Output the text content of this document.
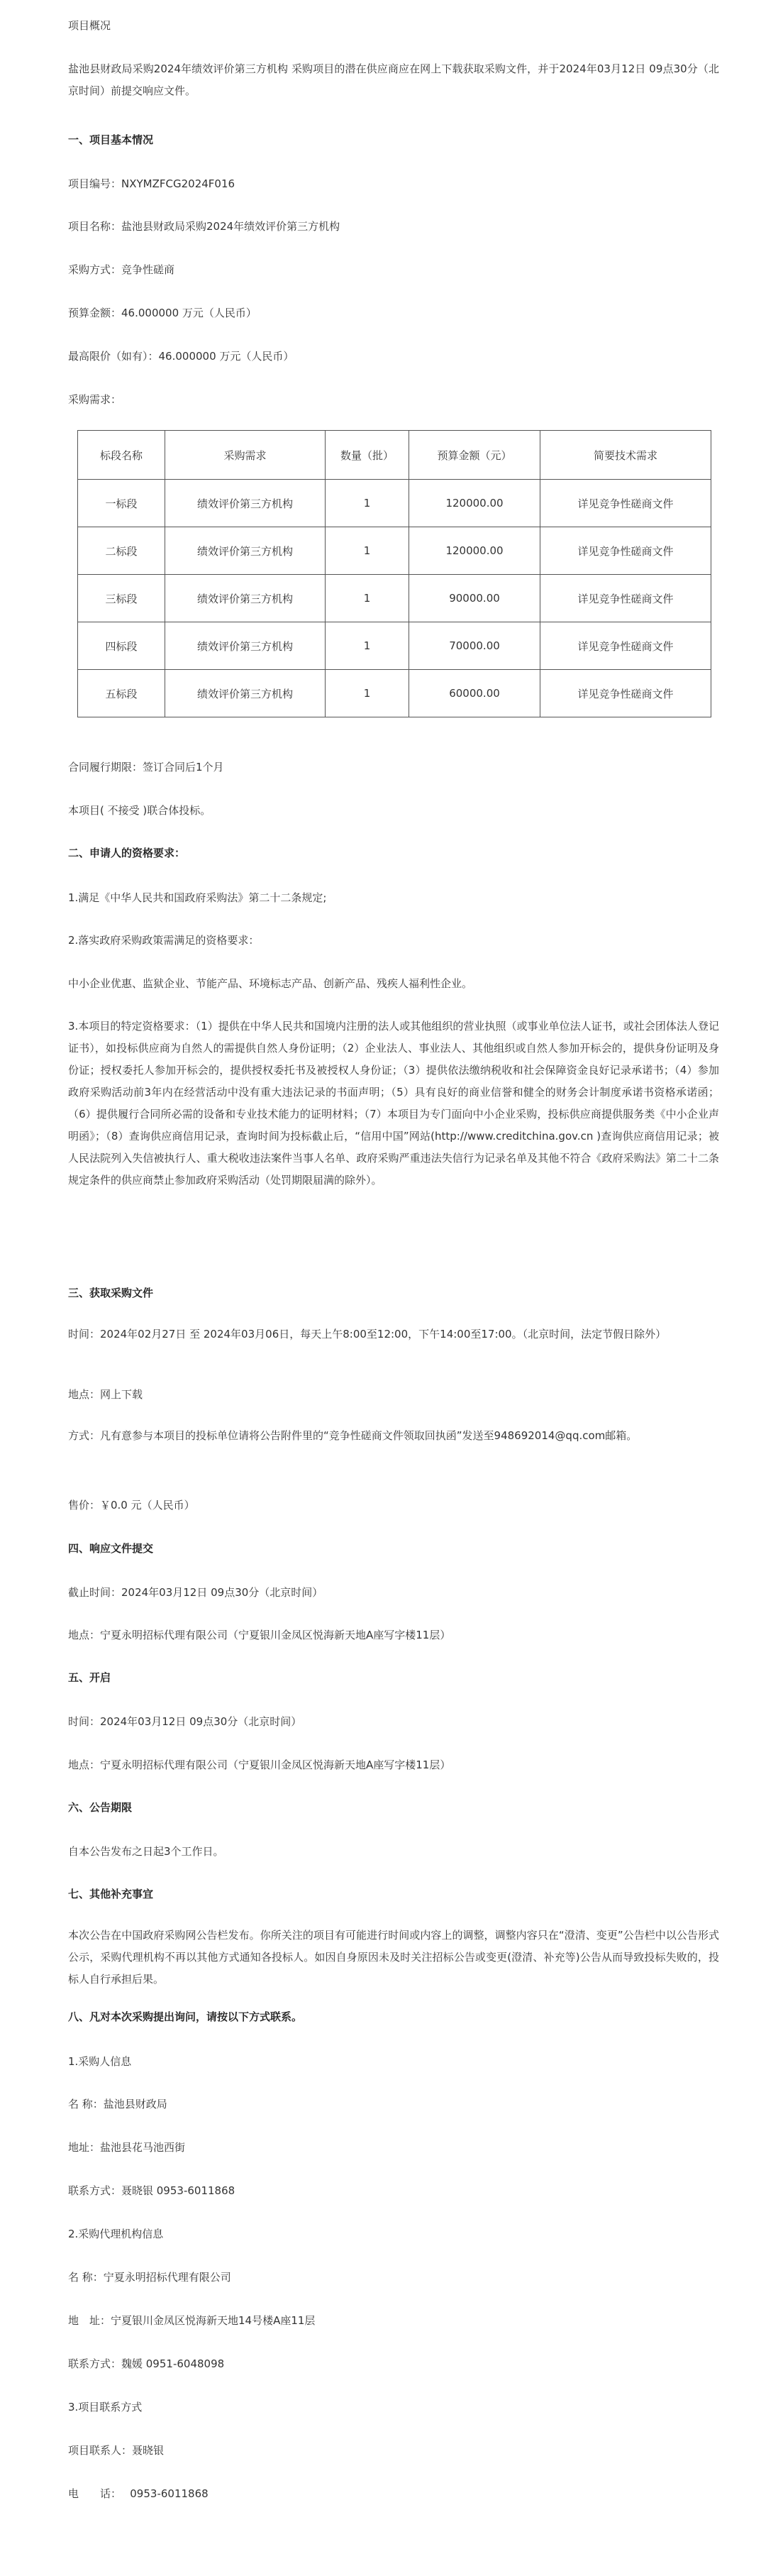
项目概况

盐池县财政局采购2024年绩效评价第三方机构 采购项目的潜在供应商应在网上下载获取采购文件，并于2024年03月12日 09点30分（北京时间）前提交响应文件。

一、项目基本情况

项目编号：NXYMZFCG2024F016

项目名称：盐池县财政局采购2024年绩效评价第三方机构

采购方式：竞争性磋商

预算金额：46.000000 万元（人民币）

最高限价（如有）：46.000000 万元（人民币）

采购需求：

标段名称	采购需求	数量（批）	预算金额（元）	简要技术需求
一标段	绩效评价第三方机构	1	120000.00	详见竞争性磋商文件
二标段	绩效评价第三方机构	1	120000.00	详见竞争性磋商文件
三标段	绩效评价第三方机构	1	90000.00	详见竞争性磋商文件
四标段	绩效评价第三方机构	1	70000.00	详见竞争性磋商文件
五标段	绩效评价第三方机构	1	60000.00	详见竞争性磋商文件

合同履行期限：签订合同后1个月

本项目( 不接受 )联合体投标。

二、申请人的资格要求：

1.满足《中华人民共和国政府采购法》第二十二条规定;

2.落实政府采购政策需满足的资格要求：

中小企业优惠、监狱企业、节能产品、环境标志产品、创新产品、残疾人福利性企业。

3.本项目的特定资格要求：（1）提供在中华人民共和国境内注册的法人或其他组织的营业执照（或事业单位法人证书，或社会团体法人登记证书），如投标供应商为自然人的需提供自然人身份证明；（2）企业法人、事业法人、其他组织或自然人参加开标会的，提供身份证明及身份证；授权委托人参加开标会的，提供授权委托书及被授权人身份证；（3）提供依法缴纳税收和社会保障资金良好记录承诺书；（4）参加政府采购活动前3年内在经营活动中没有重大违法记录的书面声明；（5）具有良好的商业信誉和健全的财务会计制度承诺书资格承诺函；（6）提供履行合同所必需的设备和专业技术能力的证明材料；（7）本项目为专门面向中小企业采购，投标供应商提供服务类《中小企业声明函》；（8）查询供应商信用记录，查询时间为投标截止后，“信用中国”网站(http://www.creditchina.gov.cn )查询供应商信用记录；被人民法院列入失信被执行人、重大税收违法案件当事人名单、政府采购严重违法失信行为记录名单及其他不符合《政府采购法》第二十二条规定条件的供应商禁止参加政府采购活动（处罚期限届满的除外）。

三、获取采购文件

时间：2024年02月27日 至 2024年03月06日，每天上午8:00至12:00，下午14:00至17:00。（北京时间，法定节假日除外）

地点：网上下载

方式：凡有意参与本项目的投标单位请将公告附件里的“竞争性磋商文件领取回执函”发送至948692014@qq.com邮箱。

售价：￥0.0 元（人民币）

四、响应文件提交

截止时间：2024年03月12日 09点30分（北京时间）

地点：宁夏永明招标代理有限公司（宁夏银川金凤区悦海新天地A座写字楼11层）

五、开启

时间：2024年03月12日 09点30分（北京时间）

地点：宁夏永明招标代理有限公司（宁夏银川金凤区悦海新天地A座写字楼11层）

六、公告期限

自本公告发布之日起3个工作日。

七、其他补充事宜

本次公告在中国政府采购网公告栏发布。你所关注的项目有可能进行时间或内容上的调整，调整内容只在“澄清、变更”公告栏中以公告形式公示，采购代理机构不再以其他方式通知各投标人。如因自身原因未及时关注招标公告或变更(澄清、补充等)公告从而导致投标失败的，投标人自行承担后果。

八、凡对本次采购提出询问，请按以下方式联系。

1.采购人信息

名 称：盐池县财政局

地址：盐池县花马池西街

联系方式：聂晓银 0953-6011868

2.采购代理机构信息

名 称：宁夏永明招标代理有限公司

地　址：宁夏银川金凤区悦海新天地14号楼A座11层

联系方式：魏媛 0951-6048098

3.项目联系方式

项目联系人：聂晓银

电　　话：　 0953-6011868
